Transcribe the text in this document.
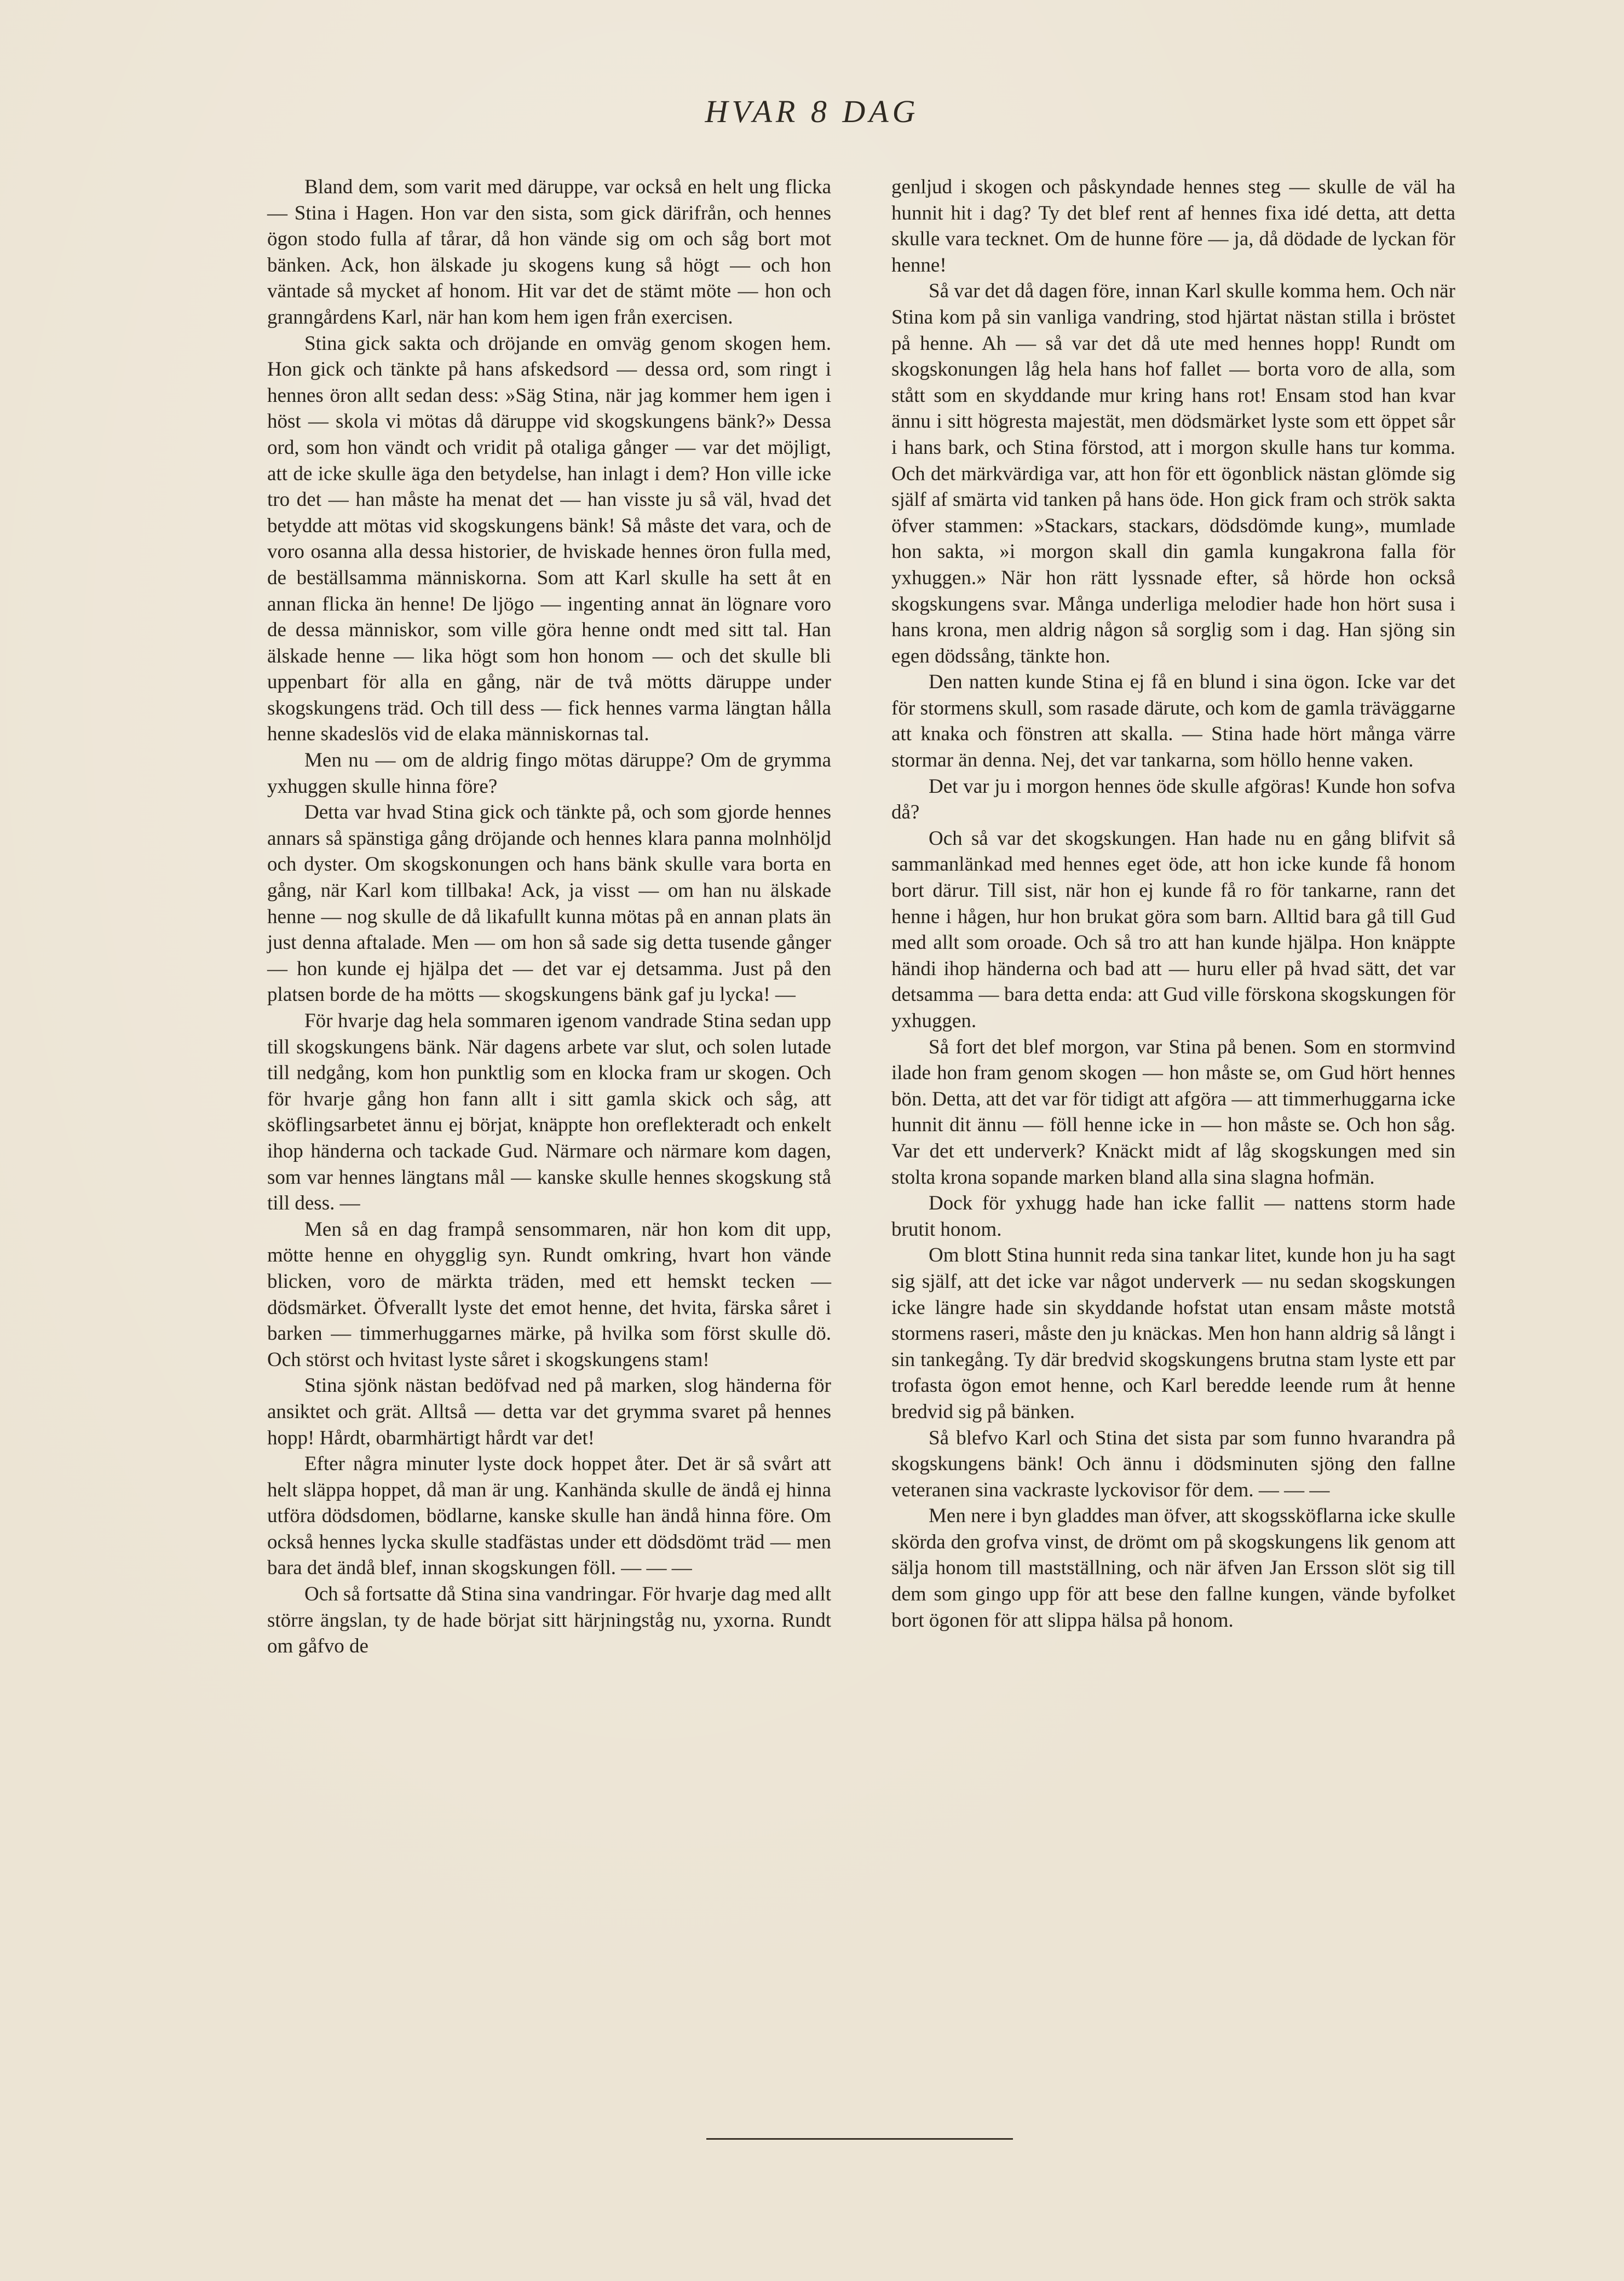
HVAR 8 DAG

Bland dem, som varit med däruppe, var också en helt ung flicka — Stina i Hagen. Hon var den sista, som gick därifrån, och hennes ögon stodo fulla af tårar, då hon vände sig om och såg bort mot bänken. Ack, hon älskade ju skogens kung så högt — och hon väntade så mycket af honom. Hit var det de stämt möte — hon och granngårdens Karl, när han kom hem igen från exercisen.

Stina gick sakta och dröjande en omväg genom skogen hem. Hon gick och tänkte på hans afskedsord — dessa ord, som ringt i hennes öron allt sedan dess: »Säg Stina, när jag kommer hem igen i höst — skola vi mötas då däruppe vid skogskungens bänk?» Dessa ord, som hon vändt och vridit på otaliga gånger — var det möjligt, att de icke skulle äga den betydelse, han inlagt i dem? Hon ville icke tro det — han måste ha menat det — han visste ju så väl, hvad det betydde att mötas vid skogskungens bänk! Så måste det vara, och de voro osanna alla dessa historier, de hviskade hennes öron fulla med, de beställsamma människorna. Som att Karl skulle ha sett åt en annan flicka än henne! De ljögo — ingenting annat än lögnare voro de dessa människor, som ville göra henne ondt med sitt tal. Han älskade henne — lika högt som hon honom — och det skulle bli uppenbart för alla en gång, när de två mötts däruppe under skogskungens träd. Och till dess — fick hennes varma längtan hålla henne skadeslös vid de elaka människornas tal.

Men nu — om de aldrig fingo mötas däruppe? Om de grymma yxhuggen skulle hinna före?

Detta var hvad Stina gick och tänkte på, och som gjorde hennes annars så spänstiga gång dröjande och hennes klara panna molnhöljd och dyster. Om skogskonungen och hans bänk skulle vara borta en gång, när Karl kom tillbaka! Ack, ja visst — om han nu älskade henne — nog skulle de då likafullt kunna mötas på en annan plats än just denna aftalade. Men — om hon så sade sig detta tusende gånger — hon kunde ej hjälpa det — det var ej detsamma. Just på den platsen borde de ha mötts — skogskungens bänk gaf ju lycka! —

För hvarje dag hela sommaren igenom vandrade Stina sedan upp till skogskungens bänk. När dagens arbete var slut, och solen lutade till nedgång, kom hon punktlig som en klocka fram ur skogen. Och för hvarje gång hon fann allt i sitt gamla skick och såg, att sköflingsarbetet ännu ej börjat, knäppte hon oreflekteradt och enkelt ihop händerna och tackade Gud. Närmare och närmare kom dagen, som var hennes längtans mål — kanske skulle hennes skogskung stå till dess. —

Men så en dag frampå sensommaren, när hon kom dit upp, mötte henne en ohygglig syn. Rundt omkring, hvart hon vände blicken, voro de märkta träden, med ett hemskt tecken — dödsmärket. Öfverallt lyste det emot henne, det hvita, färska såret i barken — timmerhuggarnes märke, på hvilka som först skulle dö. Och störst och hvitast lyste såret i skogskungens stam!

Stina sjönk nästan bedöfvad ned på marken, slog händerna för ansiktet och grät. Alltså — detta var det grymma svaret på hennes hopp! Hårdt, obarmhärtigt hårdt var det!

Efter några minuter lyste dock hoppet åter. Det är så svårt att helt släppa hoppet, då man är ung. Kanhända skulle de ändå ej hinna utföra dödsdomen, bödlarne, kanske skulle han ändå hinna före. Om också hennes lycka skulle stadfästas under ett dödsdömt träd — men bara det ändå blef, innan skogskungen föll. — — —

Och så fortsatte då Stina sina vandringar. För hvarje dag med allt större ängslan, ty de hade börjat sitt härjningståg nu, yxorna. Rundt om gåfvo de

genljud i skogen och påskyndade hennes steg — skulle de väl ha hunnit hit i dag? Ty det blef rent af hennes fixa idé detta, att detta skulle vara tecknet. Om de hunne före — ja, då dödade de lyckan för henne!

Så var det då dagen före, innan Karl skulle komma hem. Och när Stina kom på sin vanliga vandring, stod hjärtat nästan stilla i bröstet på henne. Ah — så var det då ute med hennes hopp! Rundt om skogskonungen låg hela hans hof fallet — borta voro de alla, som stått som en skyddande mur kring hans rot! Ensam stod han kvar ännu i sitt högresta majestät, men dödsmärket lyste som ett öppet sår i hans bark, och Stina förstod, att i morgon skulle hans tur komma. Och det märkvärdiga var, att hon för ett ögonblick nästan glömde sig själf af smärta vid tanken på hans öde. Hon gick fram och strök sakta öfver stammen: »Stackars, stackars, dödsdömde kung», mumlade hon sakta, »i morgon skall din gamla kungakrona falla för yxhuggen.» När hon rätt lyssnade efter, så hörde hon också skogskungens svar. Många underliga melodier hade hon hört susa i hans krona, men aldrig någon så sorglig som i dag. Han sjöng sin egen dödssång, tänkte hon.

Den natten kunde Stina ej få en blund i sina ögon. Icke var det för stormens skull, som rasade därute, och kom de gamla träväggarne att knaka och fönstren att skalla. — Stina hade hört många värre stormar än denna. Nej, det var tankarna, som höllo henne vaken.

Det var ju i morgon hennes öde skulle afgöras! Kunde hon sofva då?

Och så var det skogskungen. Han hade nu en gång blifvit så sammanlänkad med hennes eget öde, att hon icke kunde få honom bort därur. Till sist, när hon ej kunde få ro för tankarne, rann det henne i hågen, hur hon brukat göra som barn. Alltid bara gå till Gud med allt som oroade. Och så tro att han kunde hjälpa. Hon knäppte händi ihop händerna och bad att — huru eller på hvad sätt, det var detsamma — bara detta enda: att Gud ville förskona skogskungen för yxhuggen.

Så fort det blef morgon, var Stina på benen. Som en stormvind ilade hon fram genom skogen — hon måste se, om Gud hört hennes bön. Detta, att det var för tidigt att afgöra — att timmerhuggarna icke hunnit dit ännu — föll henne icke in — hon måste se. Och hon såg. Var det ett underverk? Knäckt midt af låg skogskungen med sin stolta krona sopande marken bland alla sina slagna hofmän.

Dock för yxhugg hade han icke fallit — nattens storm hade brutit honom.

Om blott Stina hunnit reda sina tankar litet, kunde hon ju ha sagt sig själf, att det icke var något underverk — nu sedan skogskungen icke längre hade sin skyddande hofstat utan ensam måste motstå stormens raseri, måste den ju knäckas. Men hon hann aldrig så långt i sin tankegång. Ty där bredvid skogskungens brutna stam lyste ett par trofasta ögon emot henne, och Karl beredde leende rum åt henne bredvid sig på bänken.

Så blefvo Karl och Stina det sista par som funno hvarandra på skogskungens bänk! Och ännu i dödsminuten sjöng den fallne veteranen sina vackraste lyckovisor för dem. — — —

Men nere i byn gladdes man öfver, att skogssköflarna icke skulle skörda den grofva vinst, de drömt om på skogskungens lik genom att sälja honom till mastställning, och när äfven Jan Ersson slöt sig till dem som gingo upp för att bese den fallne kungen, vände byfolket bort ögonen för att slippa hälsa på honom.
